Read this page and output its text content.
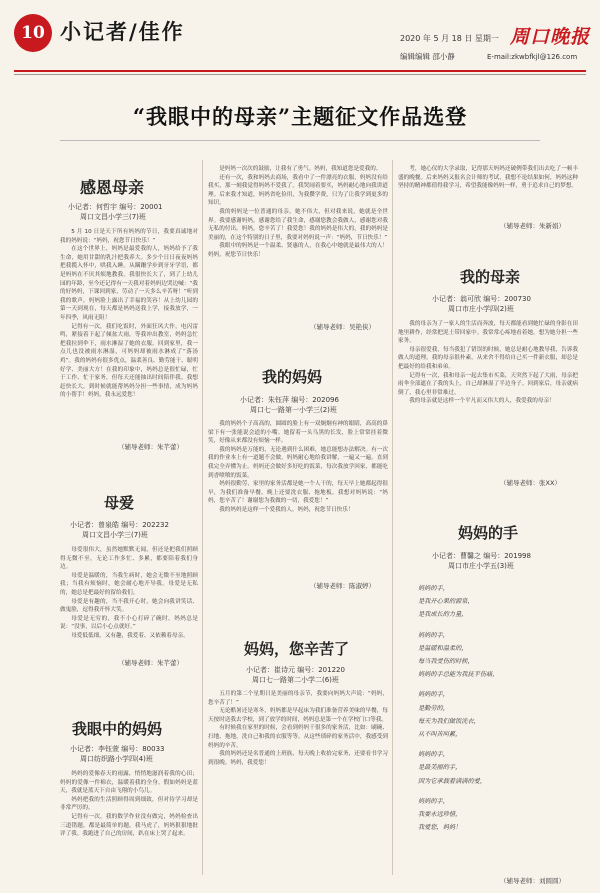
10 小记者/佳作	2020 年 5 月 18 日 星期一
编辑编辑 邵小静
周口晚报
E-mail:zkwbfkjl@126.com
“我眼中的母亲”主题征文作品选登
感恩母亲
小记者：何哲宇 编号：20001
周口文昌小学三(7)班

5 月 10 日是天下所有妈妈的节日，我要真诚地对我的妈妈说：“妈妈，祝您节日快乐！”

在这个世界上，妈妈是最爱我的人，妈妈给予了我生命，她用甘甜的乳汁把我养大。多少个日日夜夜妈妈把我揽入怀中，哄我入睡。从蹒跚学步到牙牙学语，都是妈妈在不厌其烦地教我。我很快长大了，到了上幼儿园的年龄，至今还记得有一天我对着妈妈边哭边喊：“我的好妈妈，下课回到家，劳动了一天多么辛苦呀！”听到我的歌声，妈妈脸上露出了幸福的笑容！从上幼儿园的第一天到现在，每天都是妈妈送我上学，接我放学，一年四季，风雨无阻！

记得有一次，我们吃饭时，外面狂风大作，电闪雷鸣，紧接着下起了倾盆大雨。等我冲出教室，妈妈急忙把我拉到伞下，雨水淋湿了她的衣服。回到家里，我一点儿也没被雨水淋湿，可妈妈却被雨水淋成了“落汤鸡”。我的妈妈有很多优点，温柔善良、勤劳能干、聪明好学、美丽大方！在我的印象中，妈妈总是很忙碌，忙于工作、忙于家务，但每天还能抽出时间陪伴我。我想赶快长大，到时候就能帮妈妈分担一些事情，成为妈妈的小帮手！妈妈，我永远爱您！

（辅导老师：朱芊蕾）
母爱
小记者：曾泉皓 编号：202232
周口文昌小学三(7)班

母爱很伟大，虽然她默默无闻，但还是把我们照顾得无微不至，无论工作多忙、多累，都要陪着我们身边。

母爱是温暖的，当我生病时，她会无微不至地照顾我；当我有烦恼时，她会耐心地开导我。母爱是无私的，她总是把最好的留给我们。

母爱是有趣的，当不我开心时，她会向我讲笑话、做鬼脸，逗得我开怀大笑。

母爱是无穷的，我不小心打碎了碗时，妈妈总是说：“没事，以后小心点就好。”

母爱低低细，又有趣，我爱着、又依赖着母亲。

（辅导老师：朱芊蕾）
我眼中的妈妈
小记者：李钰萱 编号：80033
周口纺织路小学四(4)班

妈妈的爱像春天的雨露，悄悄地滋润着我的心田；妈妈的爱像一件棉衣，温暖着我的全身。假如妈妈是蓝天，我就是蓝天下自由飞翔的小鸟儿。

妈妈把我的生活照顾得周到细致，但对待学习却是非常严厉的。

记得有一次，我的数学作业没有做完，妈妈检查出三道错题，都是最简单的题，我马虎了，妈妈狠狠地批评了我。我跑进了自己的房间，趴在床上哭了起来。

是妈妈一次次的鼓励，让我有了勇气。妈妈，我知道您是爱我的。

还有一次，我和妈妈去商场，我看中了一件漂亮的衣服，妈妈没有给我买，那一刻我觉得妈妈不爱我了。我哭闹着要买，妈妈耐心地向我讲道理。后来我才知道，妈妈省吃俭用，为我攒学费，只为了让我学到更多的知识。

我的妈妈是一位普通的母亲，她不伟大，但对我来说，她就是全世界。我要感谢妈妈，感谢您给了我生命，感谢您教会我做人，感谢您对我无私的付出。妈妈，您辛苦了！我爱您！我的妈妈是伟大的，我的妈妈是美丽的，在这个特别的日子里，我要对妈妈说一声：“妈妈，节日快乐！”

我眼中的妈妈是一个温柔、贤惠的人，在我心中她就是最伟大的人！妈妈，祝您节日快乐！

（辅导老师：吴艳侠）
我的妈妈
小记者：朱钰萍 编号：202096
周口七一路第一小学三(2)班

我的妈妈个子高高的，圆圆的脸上有一双炯炯有神的眼睛，高高的鼻梁下有一张能说会道的小嘴。她留着一头乌黑的长发，脸上常常挂着微笑，好像从来都没有烦恼一样。

我的妈妈是万能的，无论遇到什么困难，她总能想办法解决。有一次我的作业本上有一道题不会做，妈妈耐心地给我讲解，一遍又一遍，直到我完全弄懂为止。妈妈还会做好多好吃的饭菜，每次我放学回家，都能吃到香喷喷的饭菜。

妈妈很勤劳，家里的家务活都是她一个人干的，每天早上她都起得很早，为我们准备早餐，晚上还要洗衣服、拖地板。我想对妈妈说：“妈妈，您辛苦了！谢谢您为我做的一切，我爱您！”

我的妈妈是这样一个爱我的人。妈妈，祝您节日快乐！

（辅导老师：陈淑婷）
妈妈，您辛苦了
小记者：崔诗元 编号：201220
周口七一路第二小学二(6)班

五月的第二个星期日是美丽的母亲节，我要向妈妈大声说：“妈妈，您辛苦了！”

无论酷暑还是寒冬，妈妈都是早起床为我们准备营养美味的早餐，每天按时送我去学校，到了放学的时间，妈妈总是第一个在学校门口等我。

有时候我在家里的时候，会看到妈妈干很多的家务活，比如：刷碗、扫地、拖地，洗自己和我的衣服等等。从这些琐碎的家务活中，我感受到妈妈的辛苦。

我的妈妈还是名普通的上班族，每天晚上收拾完家务，还要看书学习到很晚。妈妈，我爱您！

考，她心仪的大学录取，记得那天妈妈还破例带我们出去吃了一顿丰盛的晚餐。后来妈妈又报名会计师的考试，我想不论结果如何，妈妈这种坚持的精神都值得我学习，希望我能像妈妈一样，勇于追求自己的梦想。

（辅导老师：朱新娟）
我的母亲
小记者：翁可欣 编号：200730
周口市庄小学四(2)班

我的母亲为了一家人的生活而奔波，每天都能看到她忙碌的身影在田地里耕作，经常把泥土带回家中。我常常心疼地看着她，想为她分担一些家务。

母亲很爱我，每当我犯了错误的时候，她总是耐心地教导我，告诉我做人的道理。我的母亲很朴素，从来舍不得给自己买一件新衣服，却总是把最好的给我和弟弟。

记得有一次，我和母亲一起去集市买菜，天突然下起了大雨，母亲把雨伞全部遮在了我的头上，自己却淋湿了半边身子。回到家后，母亲就病倒了，我心里非常难过。

我的母亲就是这样一个平凡而又伟大的人，我爱我的母亲！

（辅导老师：张XX）
妈妈的手
小记者：曹馨之 编号：201998
周口市庄小学五(3)班
妈妈的手，
是我开心果的源泉，
是我成长的力量，
妈妈的手，
是温暖和温柔的，
每当我受伤的时候，
妈妈的手总能为我抚平伤痛，
妈妈的手，
是勤劳的，
每天为我们做饭洗衣，
从不叫苦叫累，
妈妈的手，
是最美丽的手，
因为它承载着满满的爱，
妈妈的手，
我要永远珍惜，
我爱您，妈妈！
（辅导老师：刘圆圆）
